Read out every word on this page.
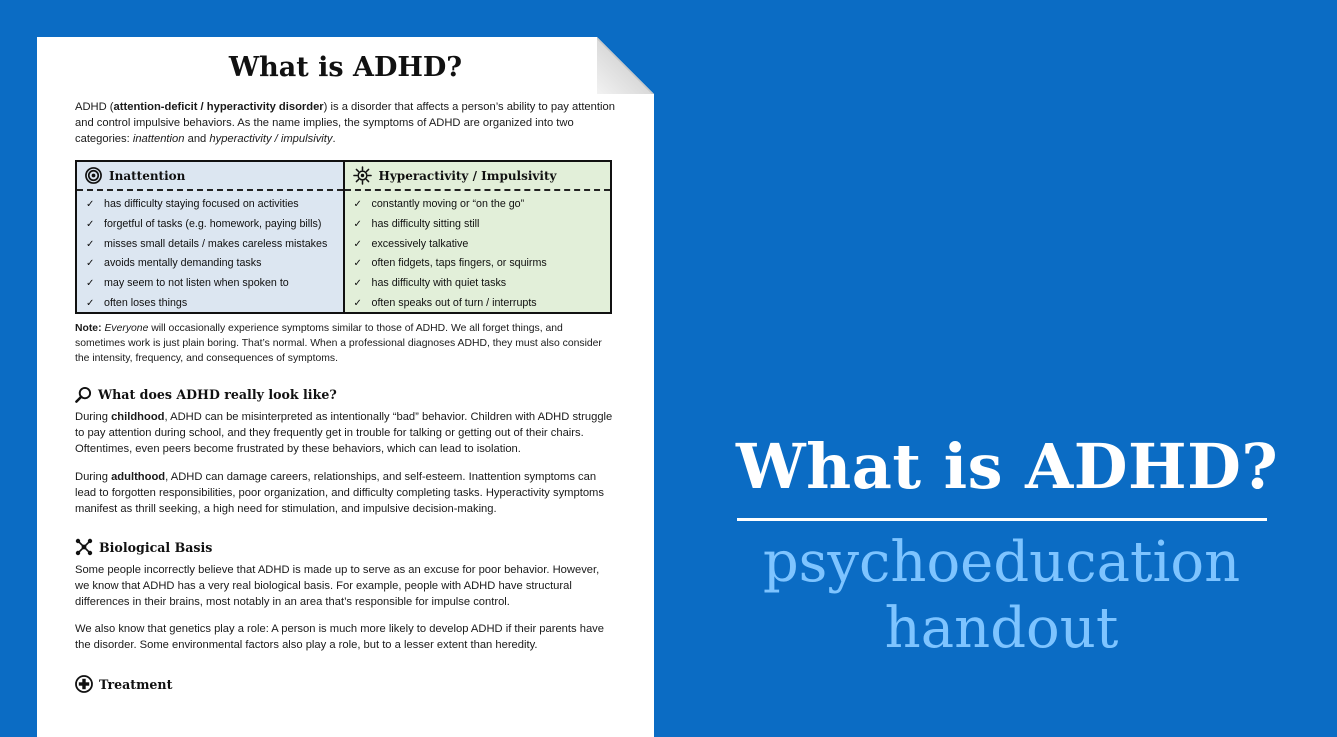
What is ADHD?

ADHD (attention-deficit / hyperactivity disorder) is a disorder that affects a person’s ability to pay attention and control impulsive behaviors. As the name implies, the symptoms of ADHD are organized into two categories: inattention and hyperactivity / impulsivity.

Inattention
✓ has difficulty staying focused on activities
✓ forgetful of tasks (e.g. homework, paying bills)
✓ misses small details / makes careless mistakes
✓ avoids mentally demanding tasks
✓ may seem to not listen when spoken to
✓ often loses things
Hyperactivity / Impulsivity
✓ constantly moving or “on the go”
✓ has difficulty sitting still
✓ excessively talkative
✓ often fidgets, taps fingers, or squirms
✓ has difficulty with quiet tasks
✓ often speaks out of turn / interrupts

Note: Everyone will occasionally experience symptoms similar to those of ADHD. We all forget things, and sometimes work is just plain boring. That’s normal. When a professional diagnoses ADHD, they must also consider the intensity, frequency, and consequences of symptoms.

What does ADHD really look like?

During childhood, ADHD can be misinterpreted as intentionally “bad” behavior. Children with ADHD struggle to pay attention during school, and they frequently get in trouble for talking or getting out of their chairs. Oftentimes, even peers become frustrated by these behaviors, which can lead to isolation.

During adulthood, ADHD can damage careers, relationships, and self-esteem. Inattention symptoms can lead to forgotten responsibilities, poor organization, and difficulty completing tasks. Hyperactivity symptoms manifest as thrill seeking, a high need for stimulation, and impulsive decision-making.

Biological Basis

Some people incorrectly believe that ADHD is made up to serve as an excuse for poor behavior. However, we know that ADHD has a very real biological basis. For example, people with ADHD have structural differences in their brains, most notably in an area that’s responsible for impulse control.

We also know that genetics play a role: A person is much more likely to develop ADHD if their parents have the disorder. Some environmental factors also play a role, but to a lesser extent than heredity.

Treatment
What is ADHD?

psychoeducation

handout
